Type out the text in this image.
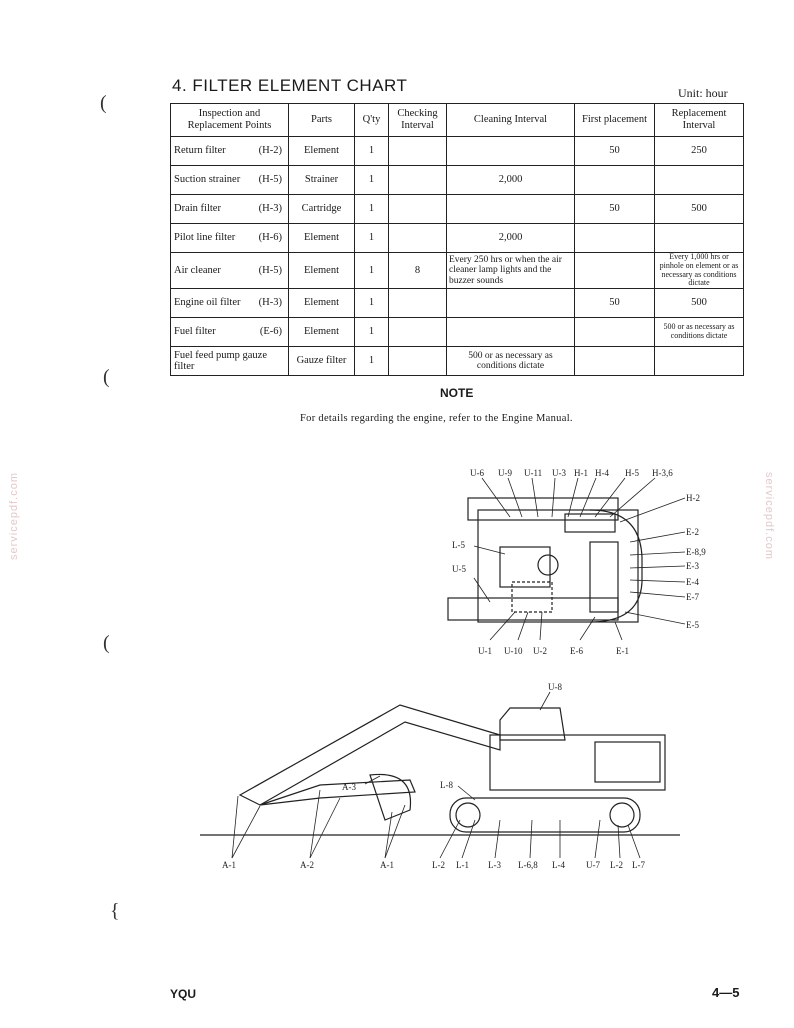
(
(
(
{
servicepdf.com	servicepdf.com
4. FILTER ELEMENT CHART	Unit: hour
Inspection and Replacement Points	Parts	Q'ty	Checking Interval	Cleaning Interval	First placement	Replacement Interval
Return filter (H-2)	Element	1			50	250
Suction strainer (H-5)	Strainer	1		2,000		
Drain filter (H-3)	Cartridge	1			50	500
Pilot line filter (H-6)	Element	1		2,000		
Air cleaner (H-5)	Element	1	8	Every 250 hrs or when the air cleaner lamp lights and the buzzer sounds		Every 1,000 hrs or pinhole on element or as necessary as conditions dictate
Engine oil filter (H-3)	Element	1			50	500
Fuel filter (E-6)	Element	1				500 or as necessary as conditions dictate
Fuel feed pump gauze filter	Gauze filter	1		500 or as necessary as conditions dictate		
NOTE
For details regarding the engine, refer to the Engine Manual.
U-6 U-9 U-11 U-3 H-1 H-4 H-5 H-3,6
H-2
E-2
E-8,9
E-3
E-4
E-7
E-5
L-5
U-5
U-1 U-10 U-2	E-6	E-1
U-8
A-3	L-8
A-1	A-2	A-1	L-2 L-1 L-3 L-6,8 L-4 U-7 L-2 L-7
YQU	4—5
